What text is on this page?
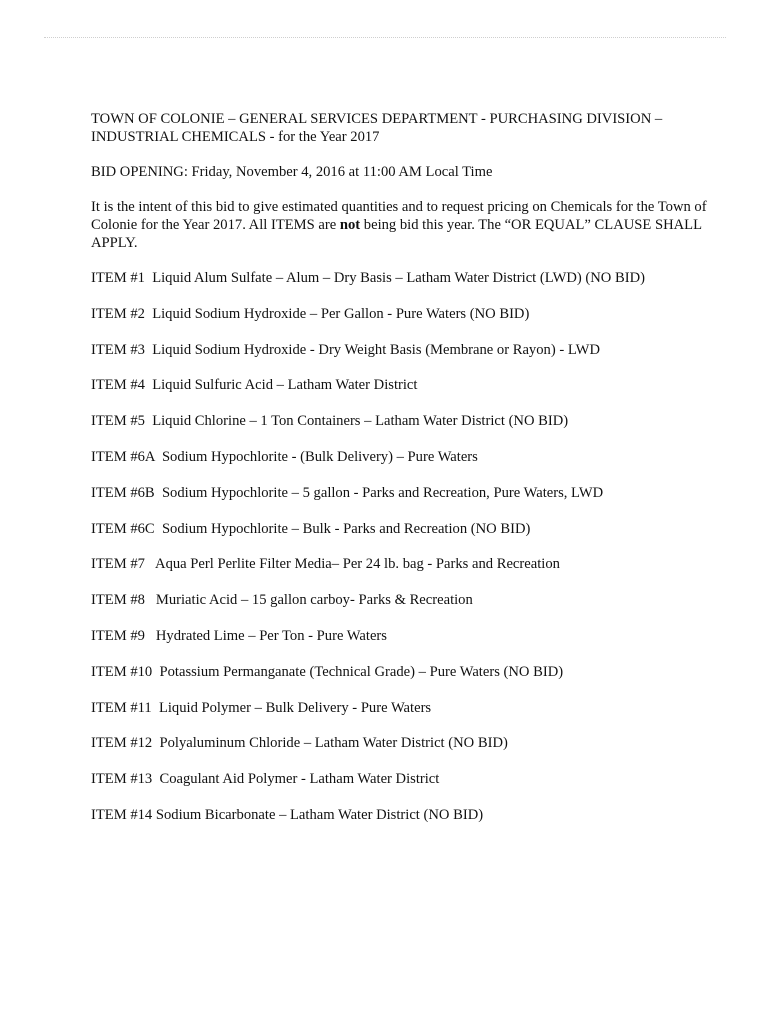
TOWN OF COLONIE – GENERAL SERVICES DEPARTMENT - PURCHASING DIVISION –
INDUSTRIAL CHEMICALS - for the Year 2017

BID OPENING: Friday, November 4, 2016 at 11:00 AM Local Time

It is the intent of this bid to give estimated quantities and to request pricing on Chemicals for the Town of Colonie for the Year 2017. All ITEMS are not being bid this year. The “OR EQUAL” CLAUSE SHALL APPLY.

ITEM #1  Liquid Alum Sulfate – Alum – Dry Basis – Latham Water District (LWD) (NO BID)
ITEM #2  Liquid Sodium Hydroxide – Per Gallon - Pure Waters (NO BID)
ITEM #3  Liquid Sodium Hydroxide - Dry Weight Basis (Membrane or Rayon) - LWD
ITEM #4  Liquid Sulfuric Acid – Latham Water District
ITEM #5  Liquid Chlorine – 1 Ton Containers – Latham Water District (NO BID)
ITEM #6A  Sodium Hypochlorite - (Bulk Delivery) – Pure Waters
ITEM #6B  Sodium Hypochlorite – 5 gallon - Parks and Recreation, Pure Waters, LWD
ITEM #6C  Sodium Hypochlorite – Bulk - Parks and Recreation (NO BID)
ITEM #7   Aqua Perl Perlite Filter Media– Per 24 lb. bag - Parks and Recreation
ITEM #8   Muriatic Acid – 15 gallon carboy- Parks & Recreation
ITEM #9   Hydrated Lime – Per Ton - Pure Waters
ITEM #10  Potassium Permanganate (Technical Grade) – Pure Waters (NO BID)
ITEM #11  Liquid Polymer – Bulk Delivery - Pure Waters
ITEM #12  Polyaluminum Chloride – Latham Water District (NO BID)
ITEM #13  Coagulant Aid Polymer - Latham Water District
ITEM #14 Sodium Bicarbonate – Latham Water District (NO BID)
